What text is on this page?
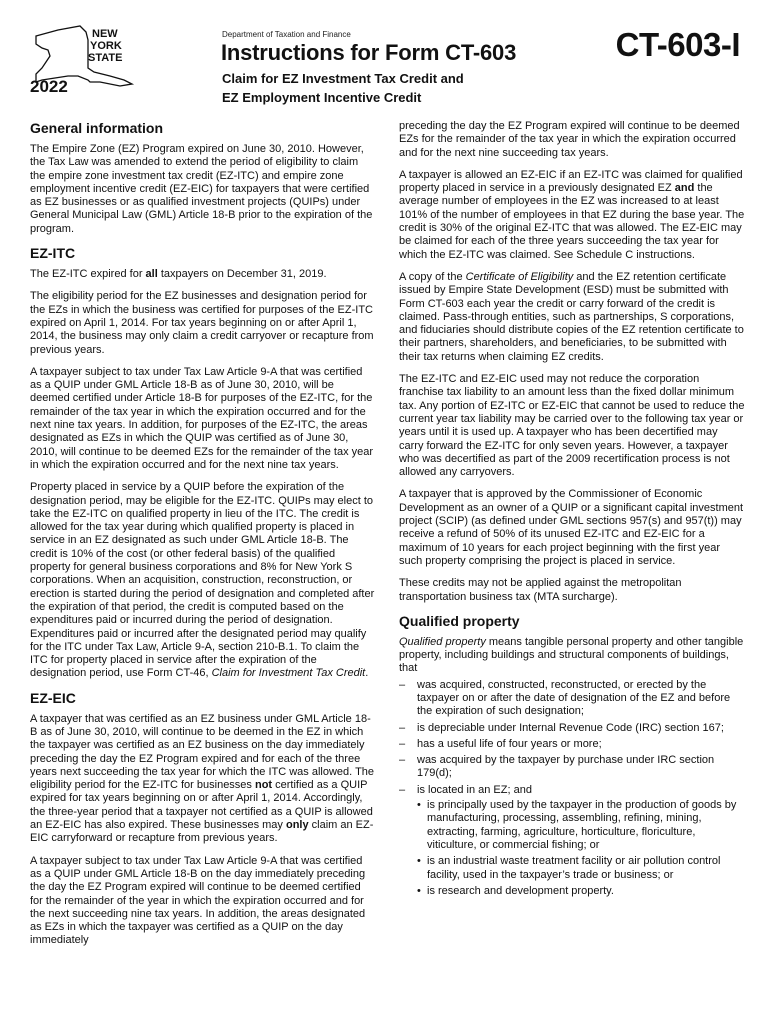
NEW
YORK
STATE
2022
Department of Taxation and Finance
Instructions for Form CT-603
Claim for EZ Investment Tax Credit and
EZ Employment Incentive Credit
CT-603-I
General information

The Empire Zone (EZ) Program expired on June 30, 2010. However, the Tax Law was amended to extend the period of eligibility to claim the empire zone investment tax credit (EZ-ITC) and empire zone employment incentive credit (EZ-EIC) for taxpayers that were certified as EZ businesses or as qualified investment projects (QUIPs) under General Municipal Law (GML) Article 18-B prior to the expiration of the program.

EZ-ITC

The EZ-ITC expired for all taxpayers on December 31, 2019.

The eligibility period for the EZ businesses and designation period for the EZs in which the business was certified for purposes of the EZ-ITC expired on April 1, 2014. For tax years beginning on or after April 1, 2014, the business may only claim a credit carryover or recapture from previous years.

A taxpayer subject to tax under Tax Law Article 9-A that was certified as a QUIP under GML Article 18-B as of June 30, 2010, will be deemed certified under Article 18-B for purposes of the EZ-ITC, for the remainder of the tax year in which the expiration occurred and for the next nine tax years. In addition, for purposes of the EZ-ITC, the areas designated as EZs in which the QUIP was certified as of June 30, 2010, will continue to be deemed EZs for the remainder of the tax year in which the expiration occurred and for the next nine tax years.

Property placed in service by a QUIP before the expiration of the designation period, may be eligible for the EZ-ITC. QUIPs may elect to take the EZ-ITC on qualified property in lieu of the ITC. The credit is allowed for the tax year during which qualified property is placed in service in an EZ designated as such under GML Article 18-B. The credit is 10% of the cost (or other federal basis) of the qualified property for general business corporations and 8% for New York S corporations. When an acquisition, construction, reconstruction, or erection is started during the period of designation and completed after the expiration of that period, the credit is computed based on the expenditures paid or incurred during the period of designation. Expenditures paid or incurred after the designated period may qualify for the ITC under Tax Law, Article 9-A, section 210-B.1. To claim the ITC for property placed in service after the expiration of the designation period, use Form CT-46, Claim for Investment Tax Credit.

EZ-EIC

A taxpayer that was certified as an EZ business under GML Article 18-B as of June 30, 2010, will continue to be deemed in the EZ in which the taxpayer was certified as an EZ business on the day immediately preceding the day the EZ Program expired and for each of the three years next succeeding the tax year for which the ITC was allowed. The eligibility period for the EZ-ITC for businesses not certified as a QUIP expired for tax years beginning on or after April 1, 2014. Accordingly, the three-year period that a taxpayer not certified as a QUIP is allowed an EZ-EIC has also expired. These businesses may only claim an EZ-EIC carryforward or recapture from previous years.

A taxpayer subject to tax under Tax Law Article 9-A that was certified as a QUIP under GML Article 18-B on the day immediately preceding the day the EZ Program expired will continue to be deemed certified for the remainder of the year in which the expiration occurred and for the next succeeding nine tax years. In addition, the areas designated as EZs in which the taxpayer was certified as a QUIP on the day immediately

preceding the day the EZ Program expired will continue to be deemed EZs for the remainder of the tax year in which the expiration occurred and for the next nine succeeding tax years.

A taxpayer is allowed an EZ-EIC if an EZ-ITC was claimed for qualified property placed in service in a previously designated EZ and the average number of employees in the EZ was increased to at least 101% of the number of employees in that EZ during the base year. The credit is 30% of the original EZ-ITC that was allowed. The EZ-EIC may be claimed for each of the three years succeeding the tax year for which the EZ-ITC was claimed. See Schedule C instructions.

A copy of the Certificate of Eligibility and the EZ retention certificate issued by Empire State Development (ESD) must be submitted with Form CT-603 each year the credit or carry forward of the credit is claimed. Pass-through entities, such as partnerships, S corporations, and fiduciaries should distribute copies of the EZ retention certificate to their partners, shareholders, and beneficiaries, to be submitted with their tax returns when claiming EZ credits.

The EZ-ITC and EZ-EIC used may not reduce the corporation franchise tax liability to an amount less than the fixed dollar minimum tax. Any portion of EZ-ITC or EZ-EIC that cannot be used to reduce the current year tax liability may be carried over to the following tax year or years until it is used up. A taxpayer who has been decertified may carry forward the EZ-ITC for only seven years. However, a taxpayer who was decertified as part of the 2009 recertification process is not allowed any carryovers.

A taxpayer that is approved by the Commissioner of Economic Development as an owner of a QUIP or a significant capital investment project (SCIP) (as defined under GML sections 957(s) and 957(t)) may receive a refund of 50% of its unused EZ-ITC and EZ-EIC for a maximum of 10 years for each project beginning with the first year such property comprising the project is placed in service.

These credits may not be applied against the metropolitan transportation business tax (MTA surcharge).

Qualified property

Qualified property means tangible personal property and other tangible property, including buildings and structural components of buildings, that

– was acquired, constructed, reconstructed, or erected by the taxpayer on or after the date of designation of the EZ and before the expiration of such designation;
– is depreciable under Internal Revenue Code (IRC) section 167;
– has a useful life of four years or more;
– was acquired by the taxpayer by purchase under IRC section 179(d);
– is located in an EZ; and
• is principally used by the taxpayer in the production of goods by manufacturing, processing, assembling, refining, mining, extracting, farming, agriculture, horticulture, floriculture, viticulture, or commercial fishing; or
• is an industrial waste treatment facility or air pollution control facility, used in the taxpayer’s trade or business; or
• is research and development property.
